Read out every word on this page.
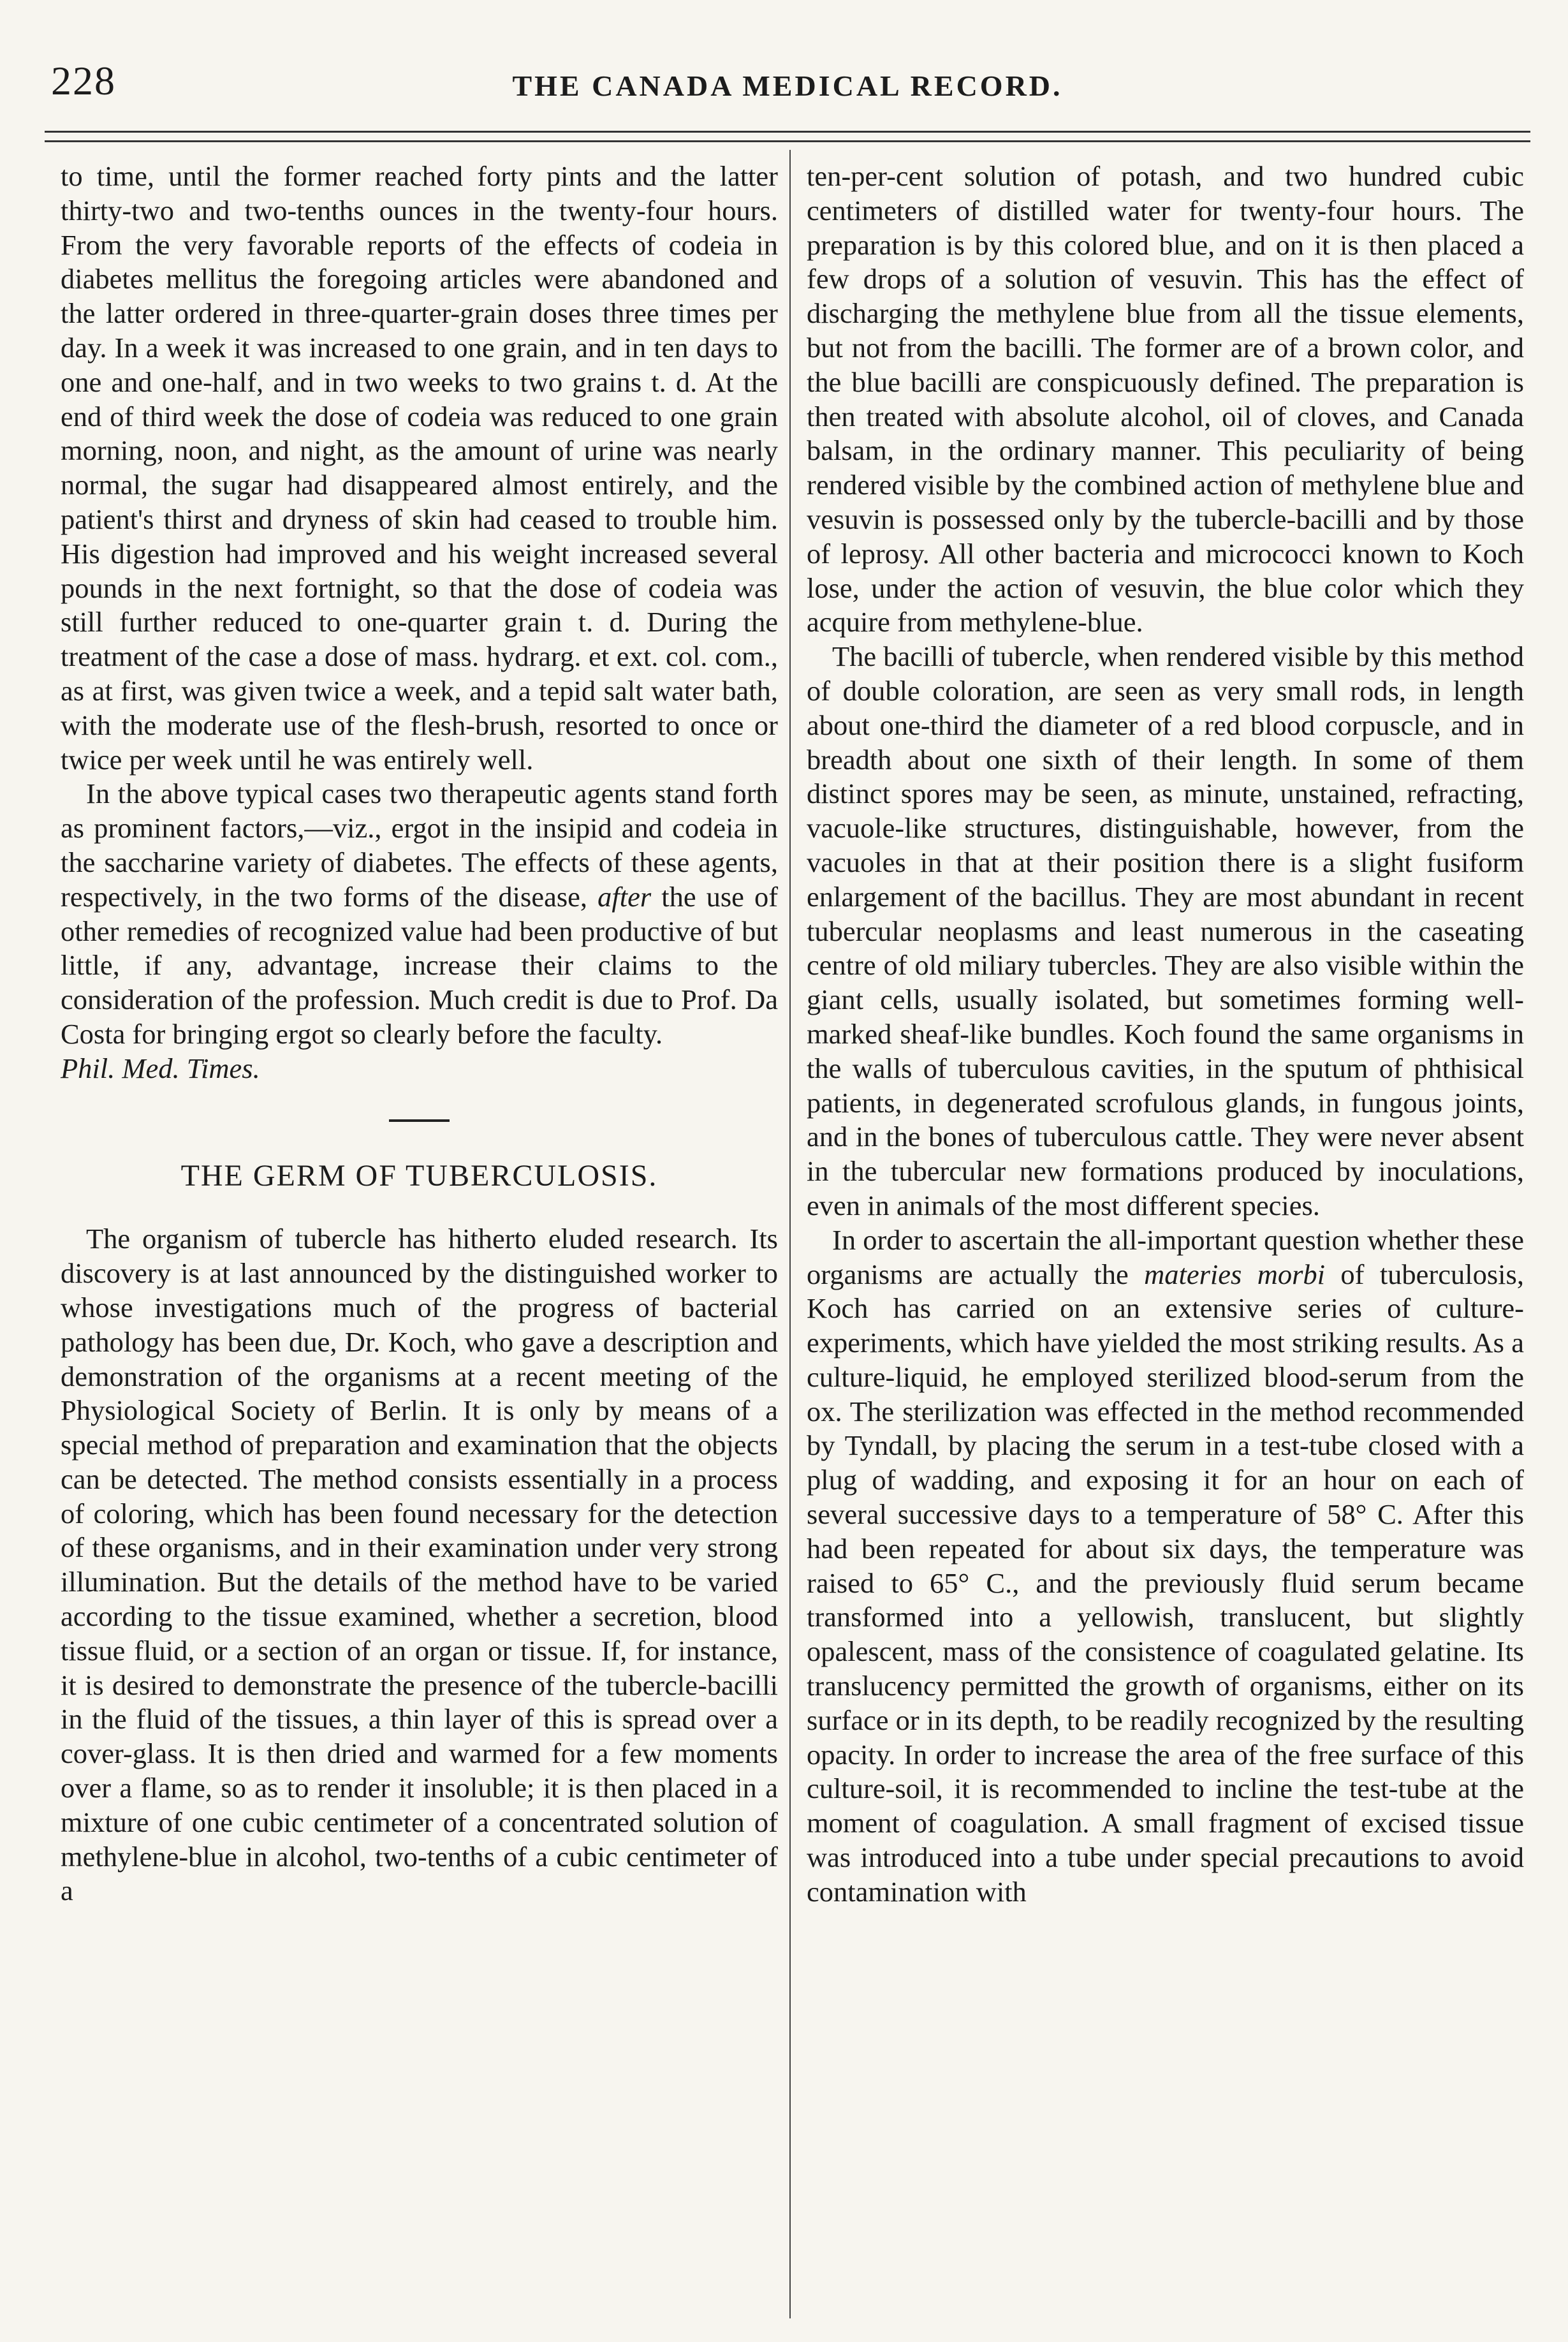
228	THE CANADA MEDICAL RECORD.

to time, until the former reached forty pints and the latter thirty-two and two-tenths ounces in the twenty-four hours. From the very favorable reports of the effects of codeia in diabetes mellitus the foregoing articles were abandoned and the latter ordered in three-quarter-grain doses three times per day. In a week it was increased to one grain, and in ten days to one and one-half, and in two weeks to two grains t. d. At the end of third week the dose of codeia was reduced to one grain morning, noon, and night, as the amount of urine was nearly normal, the sugar had disappeared almost entirely, and the patient's thirst and dryness of skin had ceased to trouble him. His digestion had improved and his weight increased several pounds in the next fortnight, so that the dose of codeia was still further reduced to one-quarter grain t. d. During the treatment of the case a dose of mass. hydrarg. et ext. col. com., as at first, was given twice a week, and a tepid salt water bath, with the moderate use of the flesh-brush, resorted to once or twice per week until he was entirely well.

In the above typical cases two therapeutic agents stand forth as prominent factors,—viz., ergot in the insipid and codeia in the saccharine variety of diabetes. The effects of these agents, respectively, in the two forms of the disease, after the use of other remedies of recognized value had been productive of but little, if any, advantage, increase their claims to the consideration of the profession. Much credit is due to Prof. Da Costa for bringing ergot so clearly before the faculty.
Phil. Med. Times.

THE GERM OF TUBERCULOSIS.

The organism of tubercle has hitherto eluded research. Its discovery is at last announced by the distinguished worker to whose investigations much of the progress of bacterial pathology has been due, Dr. Koch, who gave a description and demonstration of the organisms at a recent meeting of the Physiological Society of Berlin. It is only by means of a special method of preparation and examination that the objects can be detected. The method consists essentially in a process of coloring, which has been found necessary for the detection of these organisms, and in their examination under very strong illumination. But the details of the method have to be varied according to the tissue examined, whether a secretion, blood tissue fluid, or a section of an organ or tissue. If, for instance, it is desired to demonstrate the presence of the tubercle-bacilli in the fluid of the tissues, a thin layer of this is spread over a cover-glass. It is then dried and warmed for a few moments over a flame, so as to render it insoluble; it is then placed in a mixture of one cubic centimeter of a concentrated solution of methylene-blue in alcohol, two-tenths of a cubic centimeter of a

ten-per-cent solution of potash, and two hundred cubic centimeters of distilled water for twenty-four hours. The preparation is by this colored blue, and on it is then placed a few drops of a solution of vesuvin. This has the effect of discharging the methylene blue from all the tissue elements, but not from the bacilli. The former are of a brown color, and the blue bacilli are conspicuously defined. The preparation is then treated with absolute alcohol, oil of cloves, and Canada balsam, in the ordinary manner. This peculiarity of being rendered visible by the combined action of methylene blue and vesuvin is possessed only by the tubercle-bacilli and by those of leprosy. All other bacteria and micrococci known to Koch lose, under the action of vesuvin, the blue color which they acquire from methylene-blue.

The bacilli of tubercle, when rendered visible by this method of double coloration, are seen as very small rods, in length about one-third the diameter of a red blood corpuscle, and in breadth about one sixth of their length. In some of them distinct spores may be seen, as minute, unstained, refracting, vacuole-like structures, distinguishable, however, from the vacuoles in that at their position there is a slight fusiform enlargement of the bacillus. They are most abundant in recent tubercular neoplasms and least numerous in the caseating centre of old miliary tubercles. They are also visible within the giant cells, usually isolated, but sometimes forming well-marked sheaf-like bundles. Koch found the same organisms in the walls of tuberculous cavities, in the sputum of phthisical patients, in degenerated scrofulous glands, in fungous joints, and in the bones of tuberculous cattle. They were never absent in the tubercular new formations produced by inoculations, even in animals of the most different species.

In order to ascertain the all-important question whether these organisms are actually the materies morbi of tuberculosis, Koch has carried on an extensive series of culture-experiments, which have yielded the most striking results. As a culture-liquid, he employed sterilized blood-serum from the ox. The sterilization was effected in the method recommended by Tyndall, by placing the serum in a test-tube closed with a plug of wadding, and exposing it for an hour on each of several successive days to a temperature of 58° C. After this had been repeated for about six days, the temperature was raised to 65° C., and the previously fluid serum became transformed into a yellowish, translucent, but slightly opalescent, mass of the consistence of coagulated gelatine. Its translucency permitted the growth of organisms, either on its surface or in its depth, to be readily recognized by the resulting opacity. In order to increase the area of the free surface of this culture-soil, it is recommended to incline the test-tube at the moment of coagulation. A small fragment of excised tissue was introduced into a tube under special precautions to avoid contamination with
